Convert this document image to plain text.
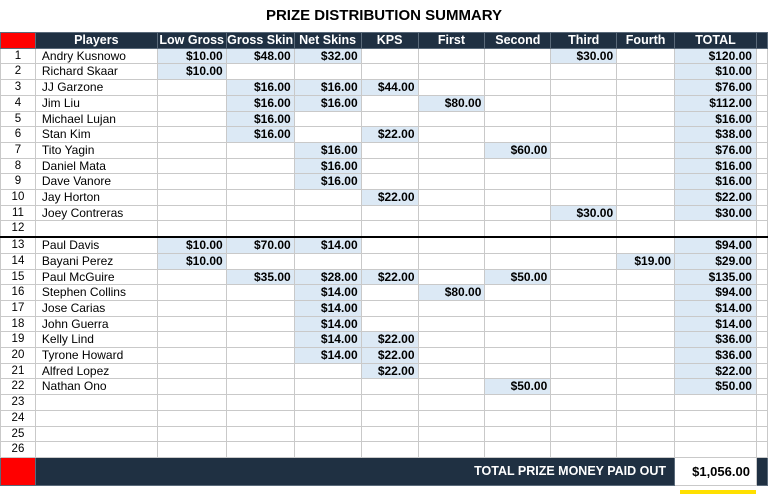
PRIZE DISTRIBUTION SUMMARY
	Players	Low Gross	Gross Skin	Net Skins	KPS	First	Second	Third	Fourth	TOTAL	
1	Andry Kusnowo	$10.00	$48.00	$32.00				$30.00		$120.00	
2	Richard Skaar	$10.00								$10.00	
3	JJ Garzone		$16.00	$16.00	$44.00					$76.00	
4	Jim Liu		$16.00	$16.00		$80.00				$112.00	
5	Michael Lujan		$16.00							$16.00	
6	Stan Kim		$16.00		$22.00					$38.00	
7	Tito Yagin			$16.00			$60.00			$76.00	
8	Daniel Mata			$16.00						$16.00	
9	Dave Vanore			$16.00						$16.00	
10	Jay Horton				$22.00					$22.00	
11	Joey Contreras							$30.00		$30.00	
12											
13	Paul Davis	$10.00	$70.00	$14.00						$94.00	
14	Bayani Perez	$10.00							$19.00	$29.00	
15	Paul McGuire		$35.00	$28.00	$22.00		$50.00			$135.00	
16	Stephen Collins			$14.00		$80.00				$94.00	
17	Jose Carias			$14.00						$14.00	
18	John Guerra			$14.00						$14.00	
19	Kelly Lind			$14.00	$22.00					$36.00	
20	Tyrone Howard			$14.00	$22.00					$36.00	
21	Alfred Lopez				$22.00					$22.00	
22	Nathan Ono						$50.00			$50.00	
23											
24											
25											
26											
	TOTAL PRIZE MONEY PAID OUT									$1,056.00	
